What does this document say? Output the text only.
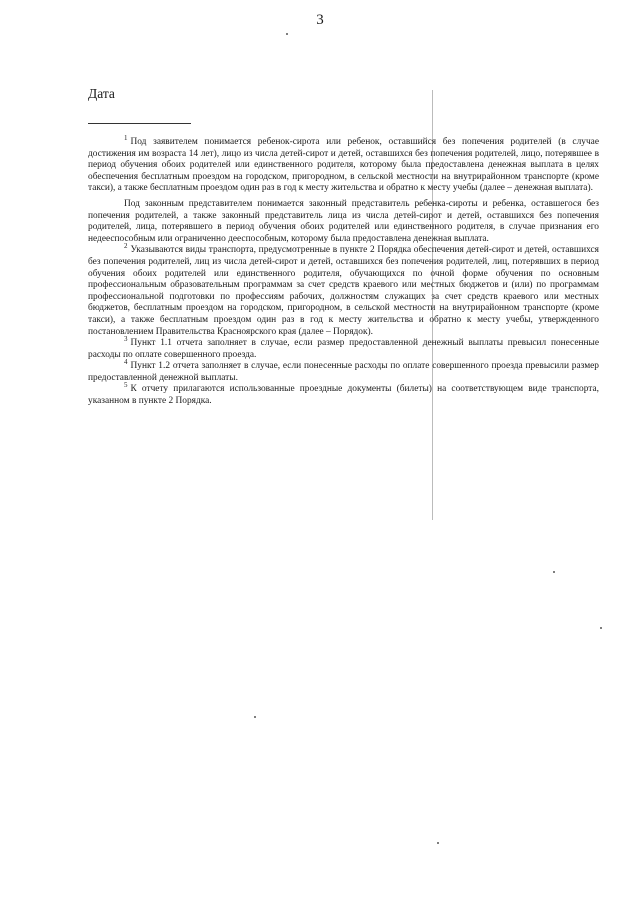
3
Дата

$^1$ Под заявителем понимается ребенок-сирота или ребенок, оставшийся без попечения родителей (в случае достижения им возраста 14 лет), лицо из числа детей-сирот и детей, оставшихся без попечения родителей, лицо, потерявшее в период обучения обоих родителей или единственного родителя, которому была предоставлена денежная выплата в целях обеспечения бесплатным проездом на городском, пригородном, в сельской местности на внутрирайонном транспорте (кроме такси), а также бесплатным проездом один раз в год к месту жительства и обратно к месту учебы (далее – денежная выплата).

Под законным представителем понимается законный представитель ребенка-сироты и ребенка, оставшегося без попечения родителей, а также законный представитель лица из числа детей-сирот и детей, оставшихся без попечения родителей, лица, потерявшего в период обучения обоих родителей или единственного родителя, в случае признания его недееспособным или ограниченно дееспособным, которому была предоставлена денежная выплата.

$^2$ Указываются виды транспорта, предусмотренные в пункте 2 Порядка обеспечения детей-сирот и детей, оставшихся без попечения родителей, лиц из числа детей-сирот и детей, оставшихся без попечения родителей, лиц, потерявших в период обучения обоих родителей или единственного родителя, обучающихся по очной форме обучения по основным профессиональным образовательным программам за счет средств краевого или местных бюджетов и (или) по программам профессиональной подготовки по профессиям рабочих, должностям служащих за счет средств краевого или местных бюджетов, бесплатным проездом на городском, пригородном, в сельской местности на внутрирайонном транспорте (кроме такси), а также бесплатным проездом один раз в год к месту жительства и обратно к месту учебы, утвержденного постановлением Правительства Красноярского края (далее – Порядок).

$^3$ Пункт 1.1 отчета заполняет в случае, если размер предоставленной денежный выплаты превысил понесенные расходы по оплате совершенного проезда.

$^4$ Пункт 1.2 отчета заполняет в случае, если понесенные расходы по оплате совершенного проезда превысили размер предоставленной денежной выплаты.

$^5$ К отчету прилагаются использованные проездные документы (билеты) на соответствующем виде транспорта, указанном в пункте 2 Порядка.
